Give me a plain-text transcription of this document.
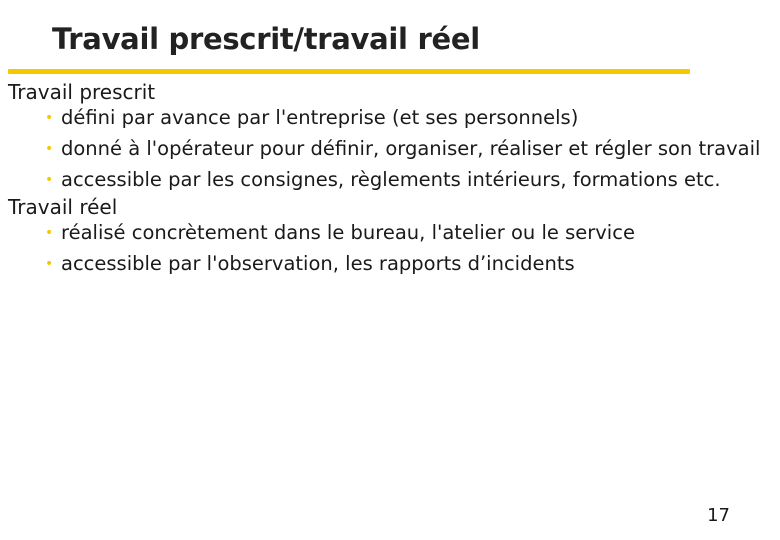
Travail prescrit/travail réel
Travail prescrit
• défini par avance par l'entreprise (et ses personnels)
• donné à l'opérateur pour définir, organiser, réaliser et régler son travail
• accessible par les consignes, règlements intérieurs, formations etc.
Travail réel
• réalisé concrètement dans le bureau, l'atelier ou le service
• accessible par l'observation, les rapports d’incidents
17
